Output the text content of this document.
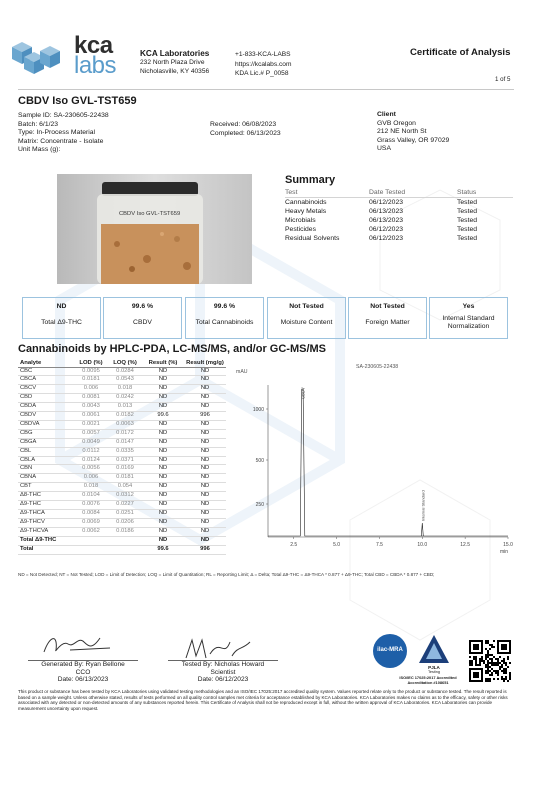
kca
labs	KCA Laboratories
232 North Plaza Drive
Nicholasville, KY 40356
+1-833-KCA-LABS
https://kcalabs.com
KDA Lic.# P_0058
Certificate of Analysis
1 of 5
CBDV Iso GVL-TST659
Sample ID: SA-230605-22438
Batch: 6/1/23
Type: In-Process Material
Matrix: Concentrate - Isolate
Unit Mass (g):
Received: 06/08/2023
Completed: 06/13/2023
Client
GVB Oregon
212 NE North St
Grass Valley, OR 97029
USA
CBDV Iso GVL-TST659
Summary
Test	Date Tested	Status
Cannabinoids	06/12/2023	Tested
Heavy Metals	06/13/2023	Tested
Microbials	06/13/2023	Tested
Pesticides	06/12/2023	Tested
Residual Solvents	06/12/2023	Tested
ND
Total Δ9-THC
99.6 %
CBDV
99.6 %
Total Cannabinoids
Not Tested
Moisture Content
Not Tested
Foreign Matter
Yes
Internal Standard Normalization
Cannabinoids by HPLC-PDA, LC-MS/MS, and/or GC-MS/MS
Analyte	LOD (%)	LOQ (%)	Result (%)	Result (mg/g)
CBC	0.0095	0.0284	ND	ND
CBCA	0.0181	0.0543	ND	ND
CBCV	0.006	0.018	ND	ND
CBD	0.0081	0.0242	ND	ND
CBDA	0.0043	0.013	ND	ND
CBDV	0.0061	0.0182	99.6	996
CBDVA	0.0021	0.0063	ND	ND
CBG	0.0057	0.0172	ND	ND
CBGA	0.0049	0.0147	ND	ND
CBL	0.0112	0.0335	ND	ND
CBLA	0.0124	0.0371	ND	ND
CBN	0.0056	0.0169	ND	ND
CBNA	0.006	0.0181	ND	ND
CBT	0.018	0.054	ND	ND
Δ8-THC	0.0104	0.0312	ND	ND
Δ9-THC	0.0076	0.0227	ND	ND
Δ9-THCA	0.0084	0.0251	ND	ND
Δ9-THCV	0.0069	0.0206	ND	ND
Δ9-THCVA	0.0062	0.0186	ND	ND
Total Δ9-THC			ND	ND
Total			99.6	996
mAU
SA-230605-22438
1000
500
250
2.5	5.0	7.5	10.0	12.5	15.0
min
CBDV
Internal Standard
ND = Not Detected; NT = Not Tested; LOD = Limit of Detection; LOQ = Limit of Quantitation; RL = Reporting Limit; Δ = Delta; Total Δ9-THC = Δ9-THCA * 0.877 + Δ9-THC; Total CBD = CBDA * 0.877 + CBD;
Generated By: Ryan Bellone
CCO
Date: 06/13/2023
Tested By: Nicholas Howard
Scientist
Date: 06/12/2023
ilac-MRA
PJLA
Testing
ISO/IEC 17025:2017 Accredited
Accreditation #108651
This product or substance has been tested by KCA Laboratories using validated testing methodologies and an ISO/IEC 17025:2017 accredited quality system. Values reported relate only to the product or substance tested. The result reported is based on a sample weight. Unless otherwise stated, results of tests performed on all quality control samples met criteria for acceptance established by KCA Laboratories. KCA Laboratories makes no claims as to the efficacy, safety or other risks associated with any detected or non-detected amounts of any substances reported herein. This Certificate of Analysis shall not be reproduced except in full, without the written approval of KCA Laboratories. KCA Laboratories can provide measurement uncertainty upon request.
